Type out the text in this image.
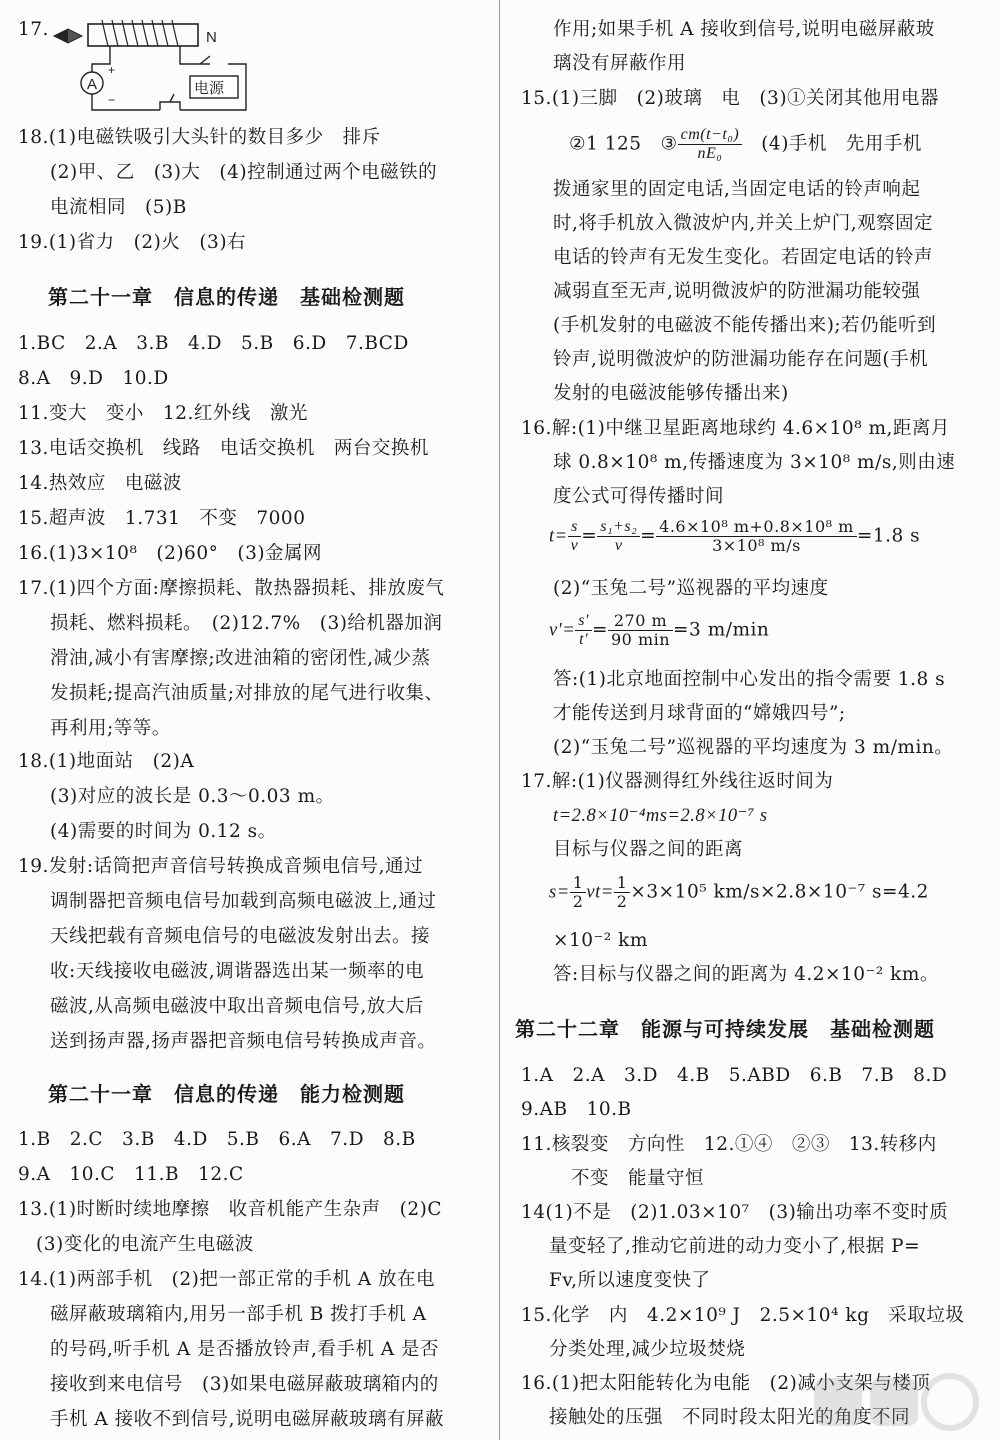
17.	N
A
+
−
电源
18.(1)电磁铁吸引大头针的数目多少　排斥
(2)甲、乙　(3)大　(4)控制通过两个电磁铁的
电流相同　(5)B
19.(1)省力　(2)火　(3)右
第二十一章　信息的传递　基础检测题
1.BC　2.A　3.B　4.D　5.B　6.D　7.BCD
8.A　9.D　10.D
11.变大　变小　12.红外线　激光
13.电话交换机　线路　电话交换机　两台交换机
14.热效应　电磁波
15.超声波　1.731　不变　7000
16.(1)3×10⁸　(2)60°　(3)金属网
17.(1)四个方面:摩擦损耗、散热器损耗、排放废气
损耗、燃料损耗。　(2)12.7%　(3)给机器加润
滑油,减小有害摩擦;改进油箱的密闭性,减少蒸
发损耗;提高汽油质量;对排放的尾气进行收集、
再利用;等等。
18.(1)地面站　(2)A
(3)对应的波长是 0.3～0.03 m。
(4)需要的时间为 0.12 s。
19.发射:话筒把声音信号转换成音频电信号,通过
调制器把音频电信号加载到高频电磁波上,通过
天线把载有音频电信号的电磁波发射出去。接
收:天线接收电磁波,调谐器选出某一频率的电
磁波,从高频电磁波中取出音频电信号,放大后
送到扬声器,扬声器把音频电信号转换成声音。
第二十一章　信息的传递　能力检测题
1.B　2.C　3.B　4.D　5.B　6.A　7.D　8.B
9.A　10.C　11.B　12.C
13.(1)时断时续地摩擦　收音机能产生杂声　(2)C
(3)变化的电流产生电磁波
14.(1)两部手机　(2)把一部正常的手机 A 放在电
磁屏蔽玻璃箱内,用另一部手机 B 拨打手机 A
的号码,听手机 A 是否播放铃声,看手机 A 是否
接收到来电信号　(3)如果电磁屏蔽玻璃箱内的
手机 A 接收不到信号,说明电磁屏蔽玻璃有屏蔽
作用;如果手机 A 接收到信号,说明电磁屏蔽玻
璃没有屏蔽作用
15.(1)三脚　(2)玻璃　电　(3)①关闭其他用电器
②1 125　③ $\frac{\text{cm(t−t₀)}}{\text{nE₀}}$ 　(4)手机　先用手机
拨通家里的固定电话,当固定电话的铃声响起
时,将手机放入微波炉内,并关上炉门,观察固定
电话的铃声有无发生变化。若固定电话的铃声
减弱直至无声,说明微波炉的防泄漏功能较强
(手机发射的电磁波不能传播出来);若仍能听到
铃声,说明微波炉的防泄漏功能存在问题(手机
发射的电磁波能够传播出来)
16.解:(1)中继卫星距离地球约 4.6×10⁸ m,距离月
球 0.8×10⁸ m,传播速度为 3×10⁸ m/s,则由速
度公式可得传播时间
$t= \frac{s}{v} = \frac{\text{s₁+s₂}}{v} = \frac{\text{4.6×10⁸ m+0.8×10⁸ m}}{\text{3×10⁸ m/s}} =1.8$ s
(2)“玉兔二号”巡视器的平均速度
$v'= \frac{s'}{t'} = \frac{270 m}{90 \min} =3$ m/min
答:(1)北京地面控制中心发出的指令需要 1.8 s
才能传送到月球背面的“嫦娥四号”;
(2)“玉兔二号”巡视器的平均速度为 3 m/min。
17.解:(1)仪器测得红外线往返时间为
t=2.8×10⁻⁴ms=2.8×10⁻⁷ s
目标与仪器之间的距离
$s= \frac{1}{2} vt= \frac{1}{2} \times 3\times 10^5$ km/s×2.8×10⁻⁷ s=4.2
×10⁻² km
答:目标与仪器之间的距离为 4.2×10⁻² km。
第二十二章　能源与可持续发展　基础检测题
1.A　2.A　3.D　4.B　5.ABD　6.B　7.B　8.D
9.AB　10.B
11.核裂变　方向性　12.①④　②③　13.转移内
不变　能量守恒
14(1)不是　(2)1.03×10⁷　(3)输出功率不变时质
量变轻了,推动它前进的动力变小了,根据 P=
Fv,所以速度变快了
15.化学　内　4.2×10⁹ J　2.5×10⁴ kg　采取垃圾
分类处理,减少垃圾焚烧
16.(1)把太阳能转化为电能　(2)减小支架与楼顶
接触处的压强　不同时段太阳光的角度不同
